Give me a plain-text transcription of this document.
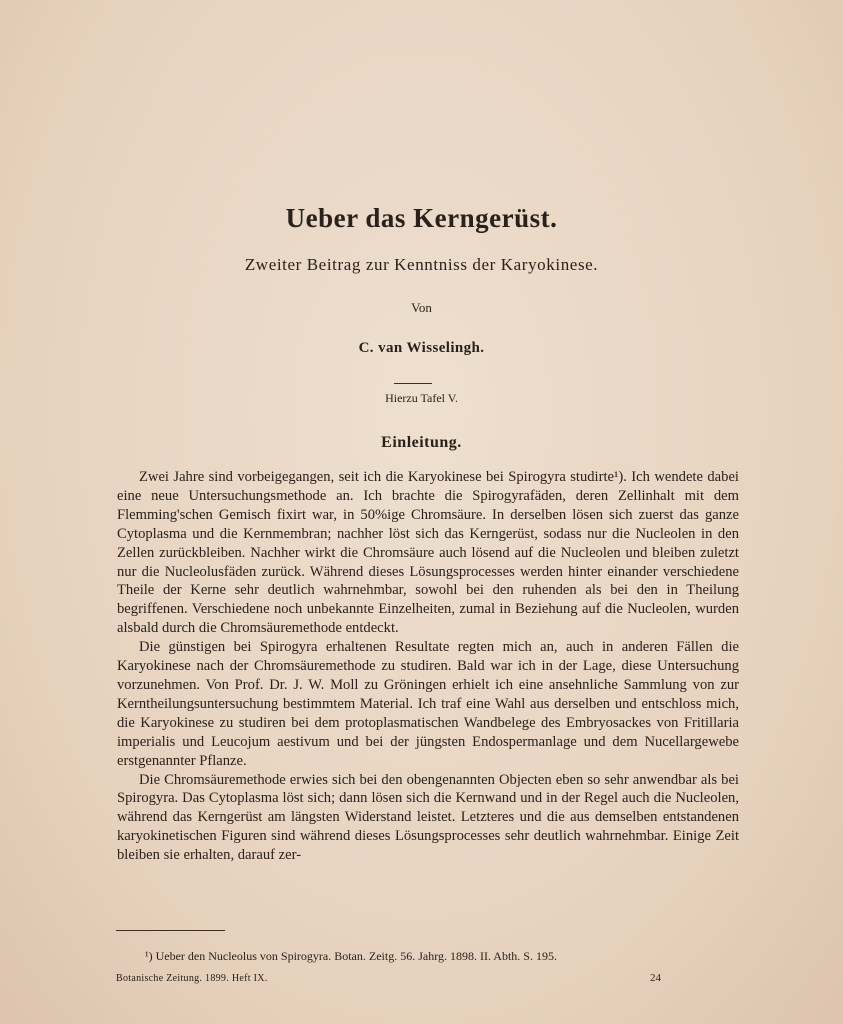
Ueber das Kerngerüst.
Zweiter Beitrag zur Kenntniss der Karyokinese.
Von
C. van Wisselingh.
Hierzu Tafel V.
Einleitung.

Zwei Jahre sind vorbeigegangen, seit ich die Karyokinese bei Spirogyra studirte¹). Ich wendete dabei eine neue Untersuchungsmethode an. Ich brachte die Spirogyrafäden, deren Zellinhalt mit dem Flemming'schen Gemisch fixirt war, in 50%ige Chromsäure. In derselben lösen sich zuerst das ganze Cytoplasma und die Kernmembran; nachher löst sich das Kerngerüst, sodass nur die Nucleolen in den Zellen zurückbleiben. Nachher wirkt die Chromsäure auch lösend auf die Nucleolen und bleiben zuletzt nur die Nucleolusfäden zurück. Während dieses Lösungsprocesses werden hinter einander verschiedene Theile der Kerne sehr deutlich wahrnehmbar, sowohl bei den ruhenden als bei den in Theilung begriffenen. Verschiedene noch unbekannte Einzelheiten, zumal in Beziehung auf die Nucleolen, wurden alsbald durch die Chromsäuremethode entdeckt.

Die günstigen bei Spirogyra erhaltenen Resultate regten mich an, auch in anderen Fällen die Karyokinese nach der Chromsäuremethode zu studiren. Bald war ich in der Lage, diese Untersuchung vorzunehmen. Von Prof. Dr. J. W. Moll zu Gröningen erhielt ich eine ansehnliche Sammlung von zur Kerntheilungsuntersuchung bestimmtem Material. Ich traf eine Wahl aus derselben und entschloss mich, die Karyokinese zu studiren bei dem protoplasmatischen Wandbelege des Embryosackes von Fritillaria imperialis und Leucojum aestivum und bei der jüngsten Endospermanlage und dem Nucellargewebe erstgenannter Pflanze.

Die Chromsäuremethode erwies sich bei den obengenannten Objecten eben so sehr anwendbar als bei Spirogyra. Das Cytoplasma löst sich; dann lösen sich die Kernwand und in der Regel auch die Nucleolen, während das Kerngerüst am längsten Widerstand leistet. Letzteres und die aus demselben entstandenen karyokinetischen Figuren sind während dieses Lösungsprocesses sehr deutlich wahrnehmbar. Einige Zeit bleiben sie erhalten, darauf zer-

¹) Ueber den Nucleolus von Spirogyra. Botan. Zeitg. 56. Jahrg. 1898. II. Abth. S. 195.
Botanische Zeitung. 1899. Heft IX.	24
